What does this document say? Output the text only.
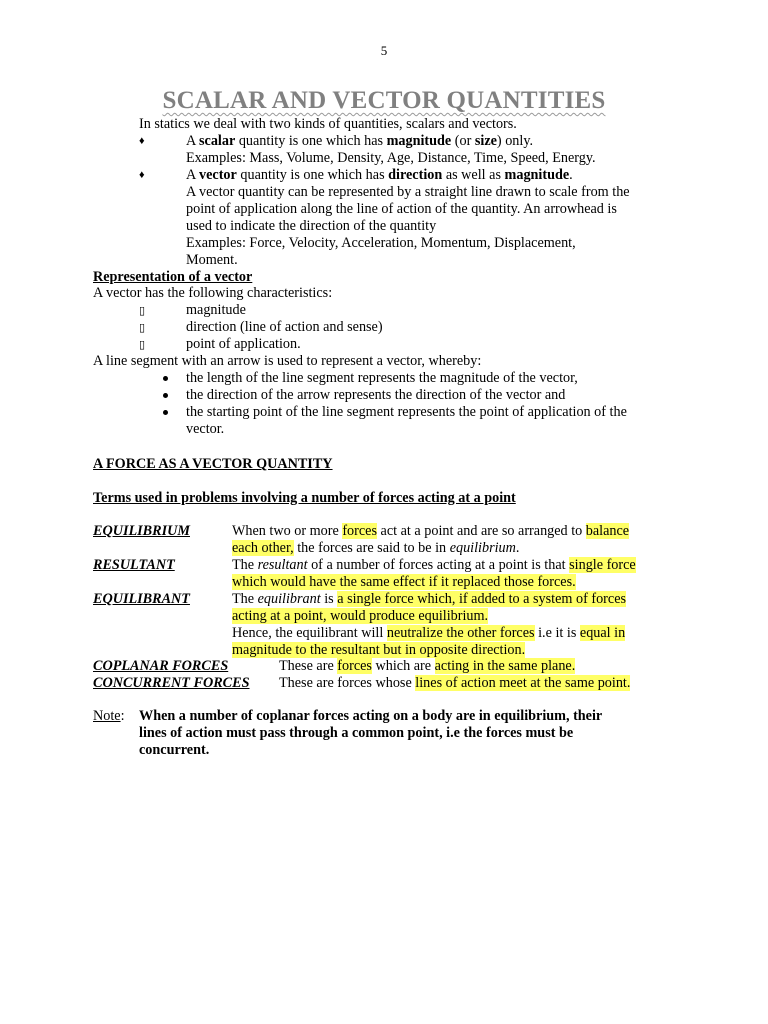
5
SCALAR AND VECTOR QUANTITIES
In statics we deal with two kinds of quantities, scalars and vectors.
♦	A scalar quantity is one which has magnitude (or size) only.
Examples: Mass, Volume, Density, Age, Distance, Time, Speed, Energy.
♦	A vector quantity is one which has direction as well as magnitude.
A vector quantity can be represented by a straight line drawn to scale from the
point of application along the line of action of the quantity. An arrowhead is
used to indicate the direction of the quantity
Examples: Force, Velocity, Acceleration, Momentum, Displacement,
Moment.
Representation of a vector
A vector has the following characteristics:
▯	magnitude
▯	direction (line of action and sense)
▯	point of application.
A line segment with an arrow is used to represent a vector, whereby:
the length of the line segment represents the magnitude of the vector,
the direction of the arrow represents the direction of the vector and
the starting point of the line segment represents the point of application of the
vector.
A FORCE AS A VECTOR QUANTITY
Terms used in problems involving a number of forces acting at a point
EQUILIBRIUM	When two or more forces act at a point and are so arranged to balance
each other, the forces are said to be in equilibrium.
RESULTANT	The resultant of a number of forces acting at a point is that single force
which would have the same effect if it replaced those forces.
EQUILIBRANT	The equilibrant is a single force which, if added to a system of forces
acting at a point, would produce equilibrium.
Hence, the equilibrant will neutralize the other forces i.e it is equal in
magnitude to the resultant but in opposite direction.
COPLANAR FORCES	These are forces which are acting in the same plane.
CONCURRENT FORCES These are forces whose lines of action meet at the same point.
Note: When a number of coplanar forces acting on a body are in equilibrium, their
lines of action must pass through a common point, i.e the forces must be
concurrent.
